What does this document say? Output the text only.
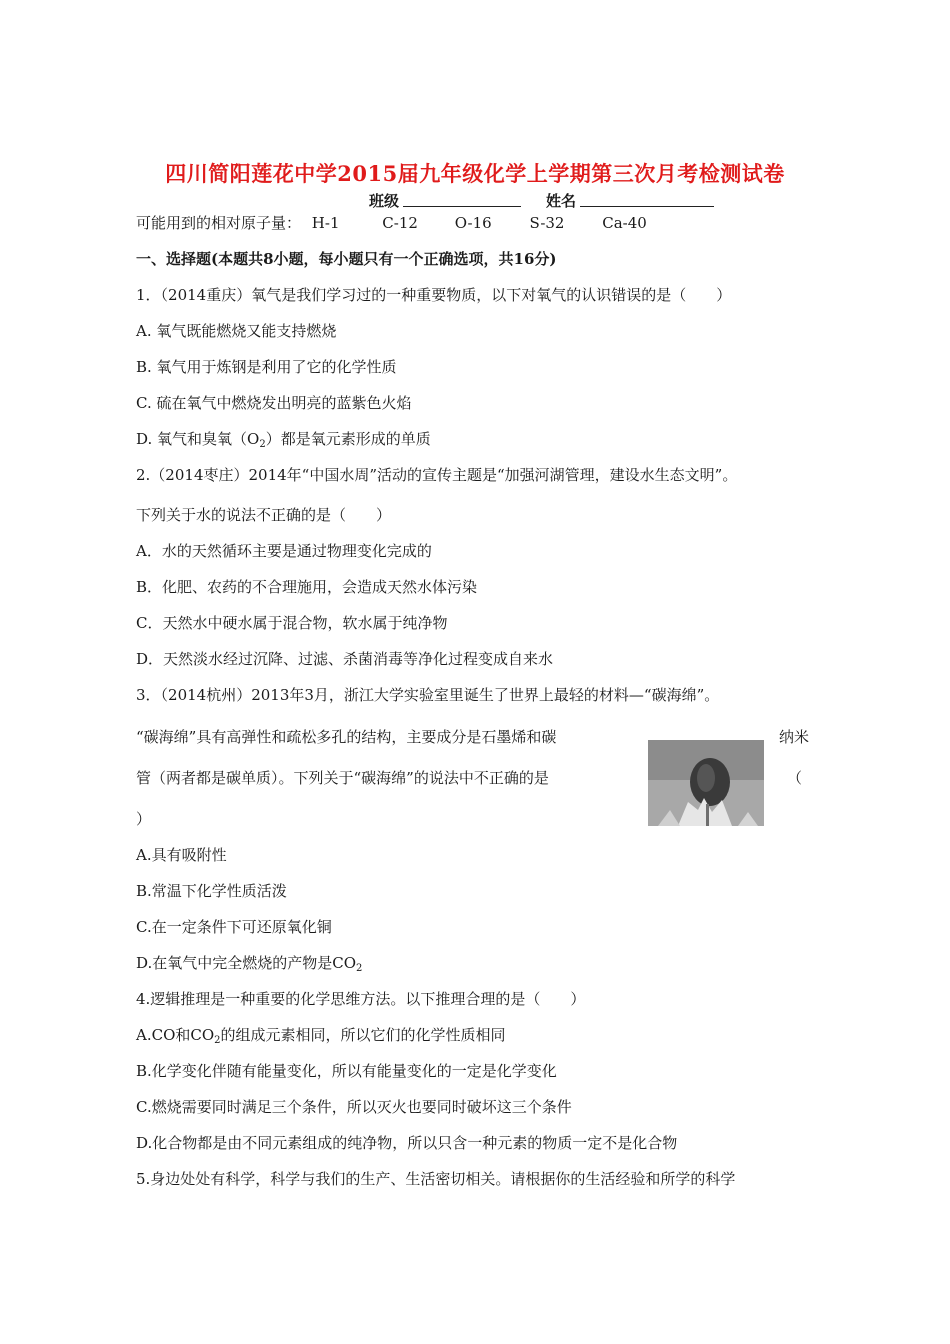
四川简阳莲花中学2015届九年级化学上学期第三次月考检测试卷
班级	姓名
可能用到的相对原子量： H-1	C-12 O-16	S-32	Ca-40
一、选择题(本题共8小题，每小题只有一个正确选项，共16分)
1．（2014重庆）氧气是我们学习过的一种重要物质，以下对氧气的认识错误的是（　　）
A. 氧气既能燃烧又能支持燃烧
B. 氧气用于炼钢是利用了它的化学性质
C. 硫在氧气中燃烧发出明亮的蓝紫色火焰
D. 氧气和臭氧$(O_2)$都是氧元素形成的单质
2.（2014枣庄）2014年“中国水周”活动的宣传主题是“加强河湖管理，建设水生态文明”。
下列关于水的说法不正确的是（　　）
A．水的天然循环主要是通过物理变化完成的
B．化肥、农药的不合理施用，会造成天然水体污染
C．天然水中硬水属于混合物，软水属于纯净物
D．天然淡水经过沉降、过滤、杀菌消毒等净化过程变成自来水
3．（2014杭州）2013年3月，浙江大学实验室里诞生了世界上最轻的材料—“碳海绵”。
“碳海绵”具有高弹性和疏松多孔的结构，主要成分是石墨烯和碳	纳米
管（两者都是碳单质）。下列关于“碳海绵”的说法中不正确的是	（
）
A.具有吸附性
B.常温下化学性质活泼
C.在一定条件下可还原氧化铜
D.在氧气中完全燃烧的产物是$CO_2$
4.逻辑推理是一种重要的化学思维方法。以下推理合理的是（　　）
A.CO和$CO_2$的组成元素相同，所以它们的化学性质相同
B.化学变化伴随有能量变化，所以有能量变化的一定是化学变化
C.燃烧需要同时满足三个条件，所以灭火也要同时破坏这三个条件
D.化合物都是由不同元素组成的纯净物，所以只含一种元素的物质一定不是化合物
5.身边处处有科学，科学与我们的生产、生活密切相关。请根据你的生活经验和所学的科学
